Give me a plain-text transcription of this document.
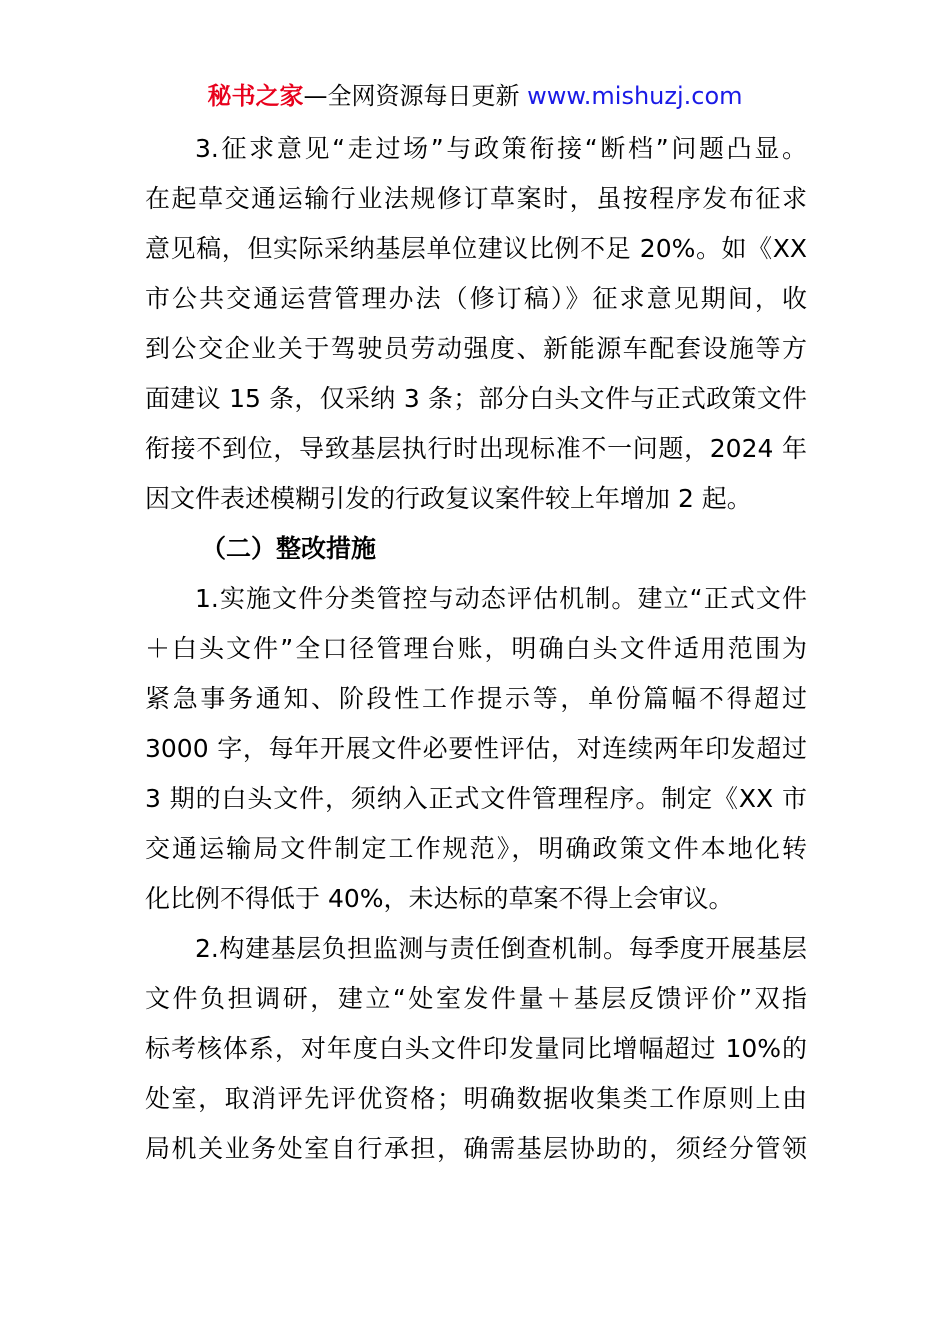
秘书之家—全网资源每日更新 www.mishuzj.com
3.征求意见“走过场”与政策衔接“断档”问题凸显。
在起草交通运输行业法规修订草案时，虽按程序发布征求
意见稿，但实际采纳基层单位建议比例不足 20%。如《XX
市公共交通运营管理办法（修订稿）》征求意见期间，收
到公交企业关于驾驶员劳动强度、新能源车配套设施等方
面建议 15 条，仅采纳 3 条；部分白头文件与正式政策文件
衔接不到位，导致基层执行时出现标准不一问题，2024 年
因文件表述模糊引发的行政复议案件较上年增加 2 起。
（二）整改措施
1.实施文件分类管控与动态评估机制。建立“正式文件
＋白头文件”全口径管理台账，明确白头文件适用范围为
紧急事务通知、阶段性工作提示等，单份篇幅不得超过
3000 字，每年开展文件必要性评估，对连续两年印发超过
3 期的白头文件，须纳入正式文件管理程序。制定《XX 市
交通运输局文件制定工作规范》，明确政策文件本地化转
化比例不得低于 40%，未达标的草案不得上会审议。
2.构建基层负担监测与责任倒查机制。每季度开展基层
文件负担调研，建立“处室发件量＋基层反馈评价”双指
标考核体系，对年度白头文件印发量同比增幅超过 10%的
处室，取消评先评优资格；明确数据收集类工作原则上由
局机关业务处室自行承担，确需基层协助的，须经分管领
